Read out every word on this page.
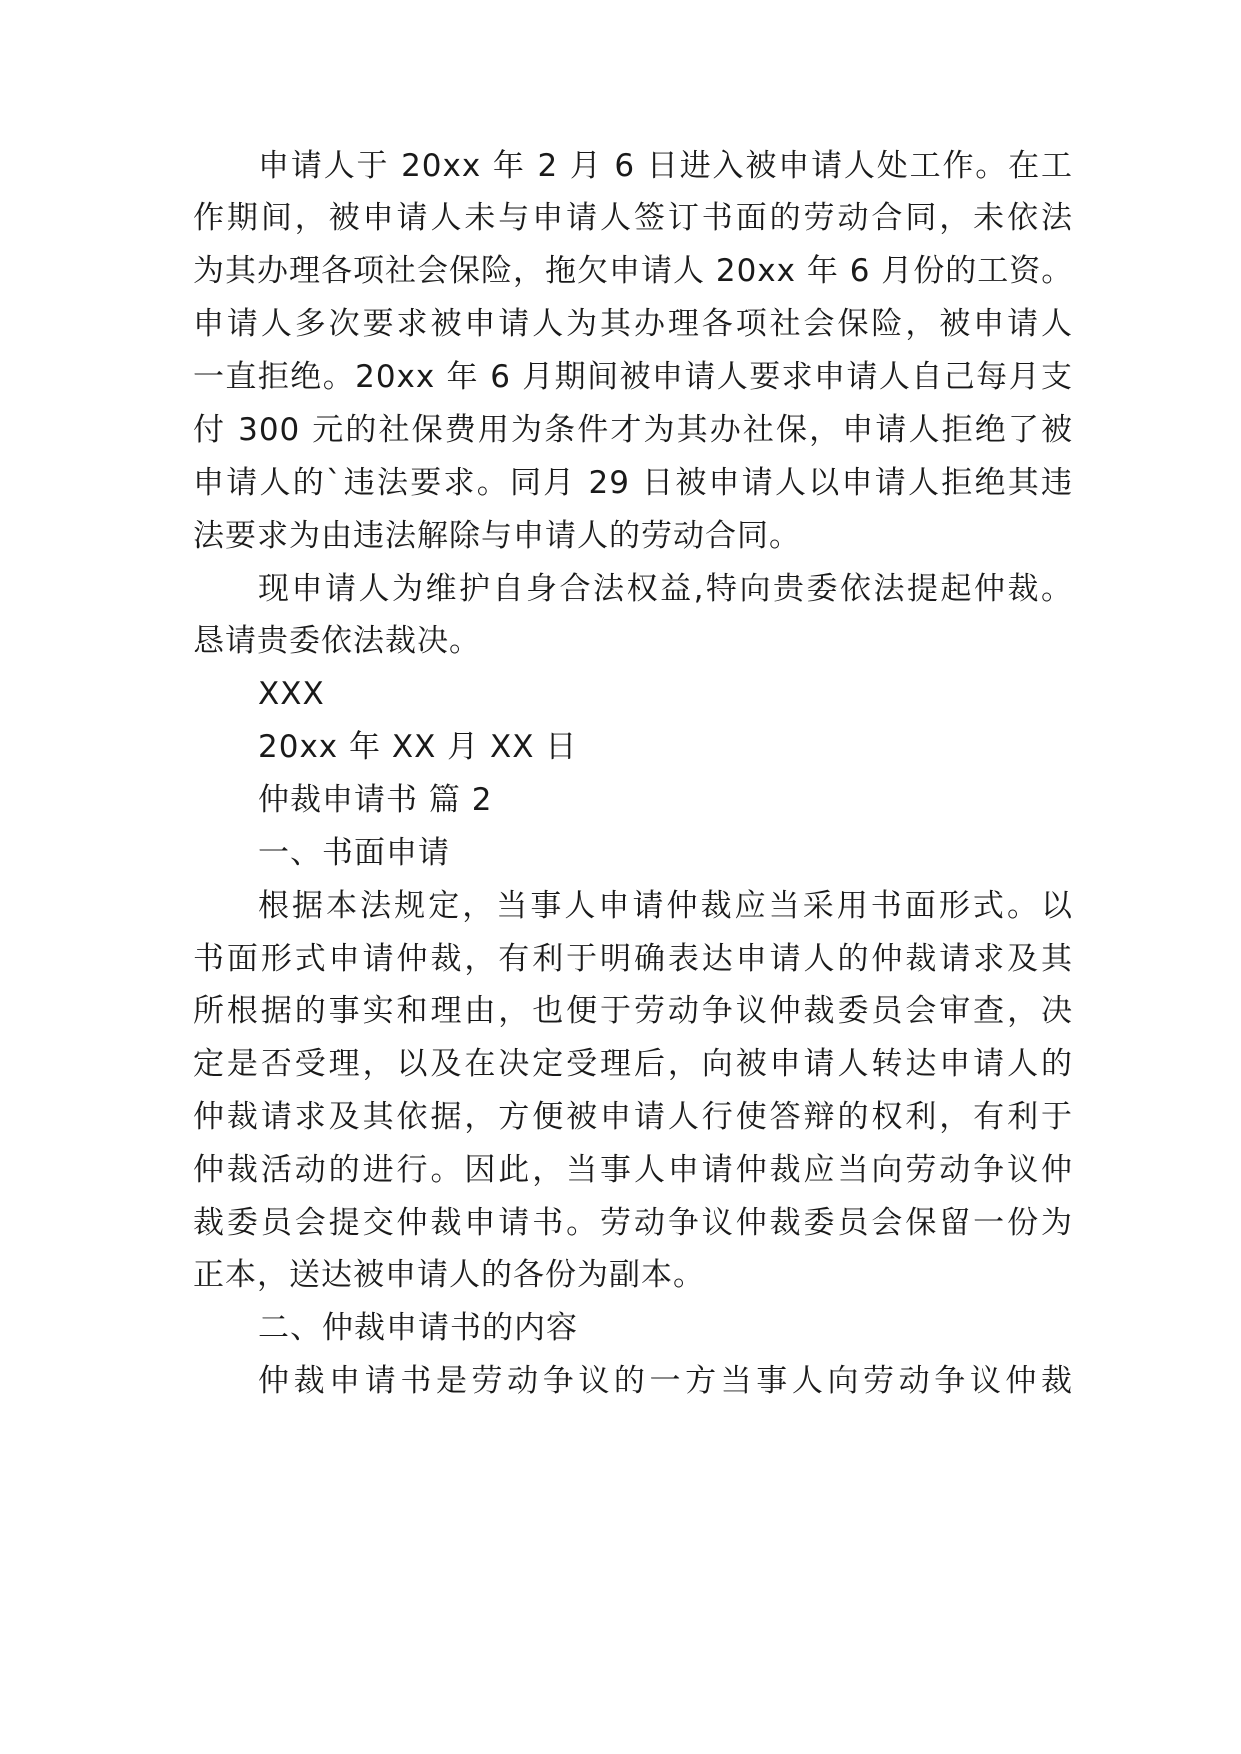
申请人于 20xx 年 2 月 6 日进入被申请人处工作。在工

作期间，被申请人未与申请人签订书面的劳动合同，未依法

为其办理各项社会保险，拖欠申请人 20xx 年 6 月份的工资。

申请人多次要求被申请人为其办理各项社会保险，被申请人

一直拒绝。20xx 年 6 月期间被申请人要求申请人自己每月支

付 300 元的社保费用为条件才为其办社保，申请人拒绝了被

申请人的`违法要求。同月 29 日被申请人以申请人拒绝其违

法要求为由违法解除与申请人的劳动合同。

现申请人为维护自身合法权益,特向贵委依法提起仲裁。

恳请贵委依法裁决。

XXX

20xx 年 XX 月 XX 日

仲裁申请书 篇 2

一、书面申请

根据本法规定，当事人申请仲裁应当采用书面形式。以

书面形式申请仲裁，有利于明确表达申请人的仲裁请求及其

所根据的事实和理由，也便于劳动争议仲裁委员会审查，决

定是否受理，以及在决定受理后，向被申请人转达申请人的

仲裁请求及其依据，方便被申请人行使答辩的权利，有利于

仲裁活动的进行。因此，当事人申请仲裁应当向劳动争议仲

裁委员会提交仲裁申请书。劳动争议仲裁委员会保留一份为

正本，送达被申请人的各份为副本。

二、仲裁申请书的内容

仲裁申请书是劳动争议的一方当事人向劳动争议仲裁
